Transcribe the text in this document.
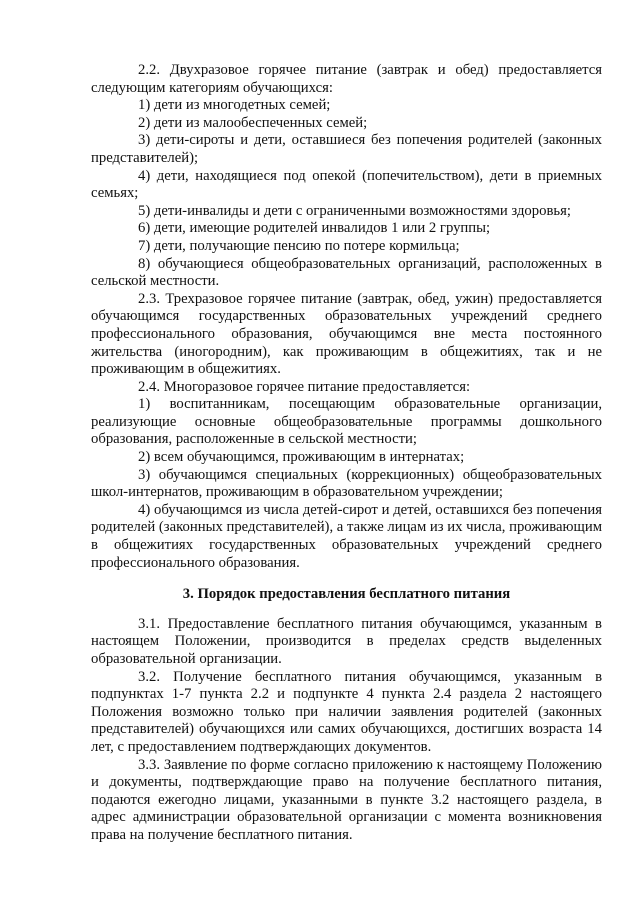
2.2. Двухразовое горячее питание (завтрак и обед) предоставляется следующим категориям обучающихся:

1) дети из многодетных семей;

2) дети из малообеспеченных семей;

3) дети-сироты и дети, оставшиеся без попечения родителей (законных представителей);

4) дети, находящиеся под опекой (попечительством), дети в приемных семьях;

5) дети-инвалиды и дети с ограниченными возможностями здоровья;

6) дети, имеющие родителей инвалидов 1 или 2 группы;

7) дети, получающие пенсию по потере кормильца;

8) обучающиеся общеобразовательных организаций, расположенных в сельской местности.

2.3. Трехразовое горячее питание (завтрак, обед, ужин) предоставляется обучающимся государственных образовательных учреждений среднего профессионального образования, обучающимся вне места постоянного жительства (иногородним), как проживающим в общежитиях, так и не проживающим в общежитиях.

2.4. Многоразовое горячее питание предоставляется:

1) воспитанникам, посещающим образовательные организации, реализующие основные общеобразовательные программы дошкольного образования, расположенные в сельской местности;

2) всем обучающимся, проживающим в интернатах;

3) обучающимся специальных (коррекционных) общеобразовательных школ-интернатов, проживающим в образовательном учреждении;

4) обучающимся из числа детей-сирот и детей, оставшихся без попечения родителей (законных представителей), а также лицам из их числа, проживающим в общежитиях государственных образовательных учреждений среднего профессионального образования.

3. Порядок предоставления бесплатного питания

3.1. Предоставление бесплатного питания обучающимся, указанным в настоящем Положении, производится в пределах средств выделенных образовательной организации.

3.2. Получение бесплатного питания обучающимся, указанным в подпунктах 1-7 пункта 2.2 и подпункте 4 пункта 2.4 раздела 2 настоящего Положения возможно только при наличии заявления родителей (законных представителей) обучающихся или самих обучающихся, достигших возраста 14 лет, с предоставлением подтверждающих документов.

3.3. Заявление по форме согласно приложению к настоящему Положению и документы, подтверждающие право на получение бесплатного питания, подаются ежегодно лицами, указанными в пункте 3.2 настоящего раздела, в адрес администрации образовательной организации с момента возникновения права на получение бесплатного питания.
